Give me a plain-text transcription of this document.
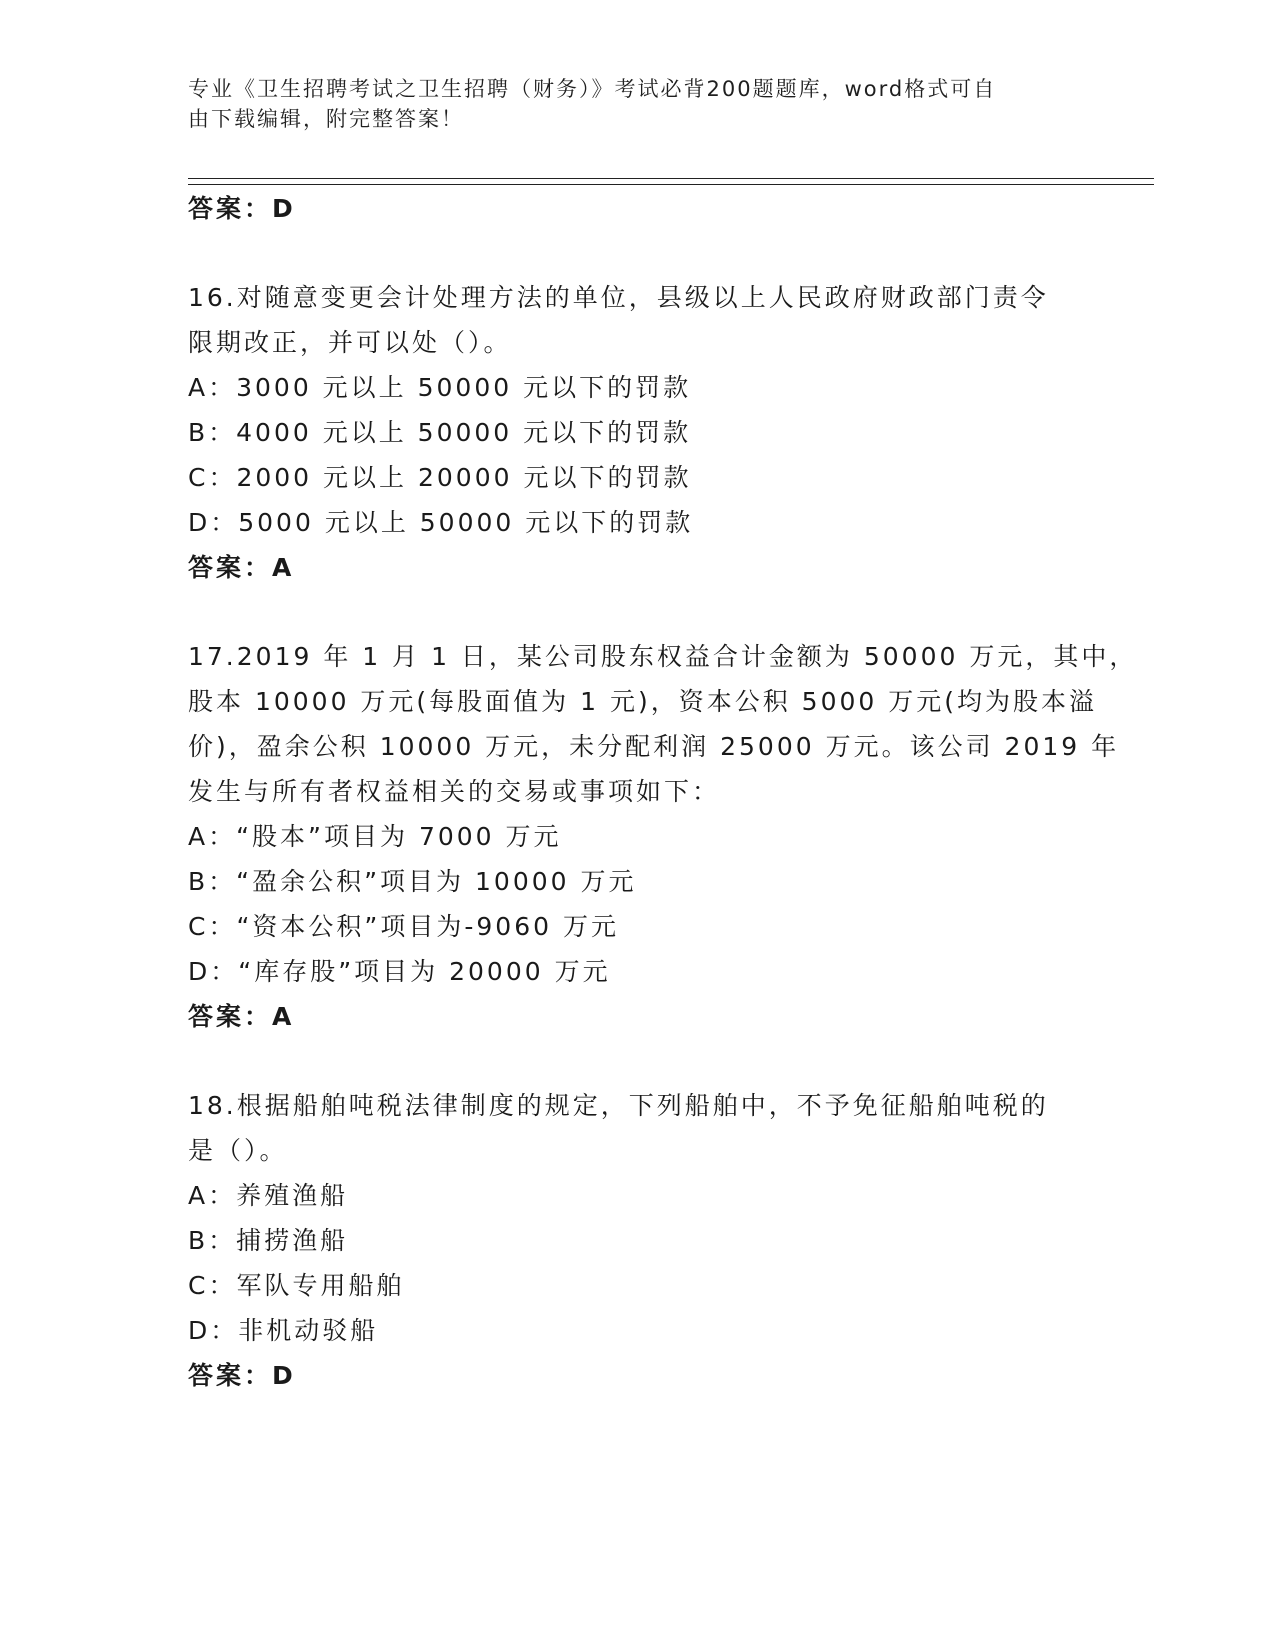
专业《卫生招聘考试之卫生招聘（财务）》考试必背200题题库，word格式可自
由下载编辑，附完整答案！
答案：D
16.对随意变更会计处理方法的单位，县级以上人民政府财政部门责令
限期改正，并可以处（）。
A：3000 元以上 50000 元以下的罚款
B：4000 元以上 50000 元以下的罚款
C：2000 元以上 20000 元以下的罚款
D：5000 元以上 50000 元以下的罚款
答案：A
17.2019 年 1 月 1 日，某公司股东权益合计金额为 50000 万元，其中，
股本 10000 万元(每股面值为 1 元)，资本公积 5000 万元(均为股本溢
价)，盈余公积 10000 万元，未分配利润 25000 万元。该公司 2019 年
发生与所有者权益相关的交易或事项如下：
A：“股本”项目为 7000 万元
B：“盈余公积”项目为 10000 万元
C：“资本公积”项目为-9060 万元
D：“库存股”项目为 20000 万元
答案：A
18.根据船舶吨税法律制度的规定，下列船舶中，不予免征船舶吨税的
是（）。
A：养殖渔船
B：捕捞渔船
C：军队专用船舶
D：非机动驳船
答案：D
